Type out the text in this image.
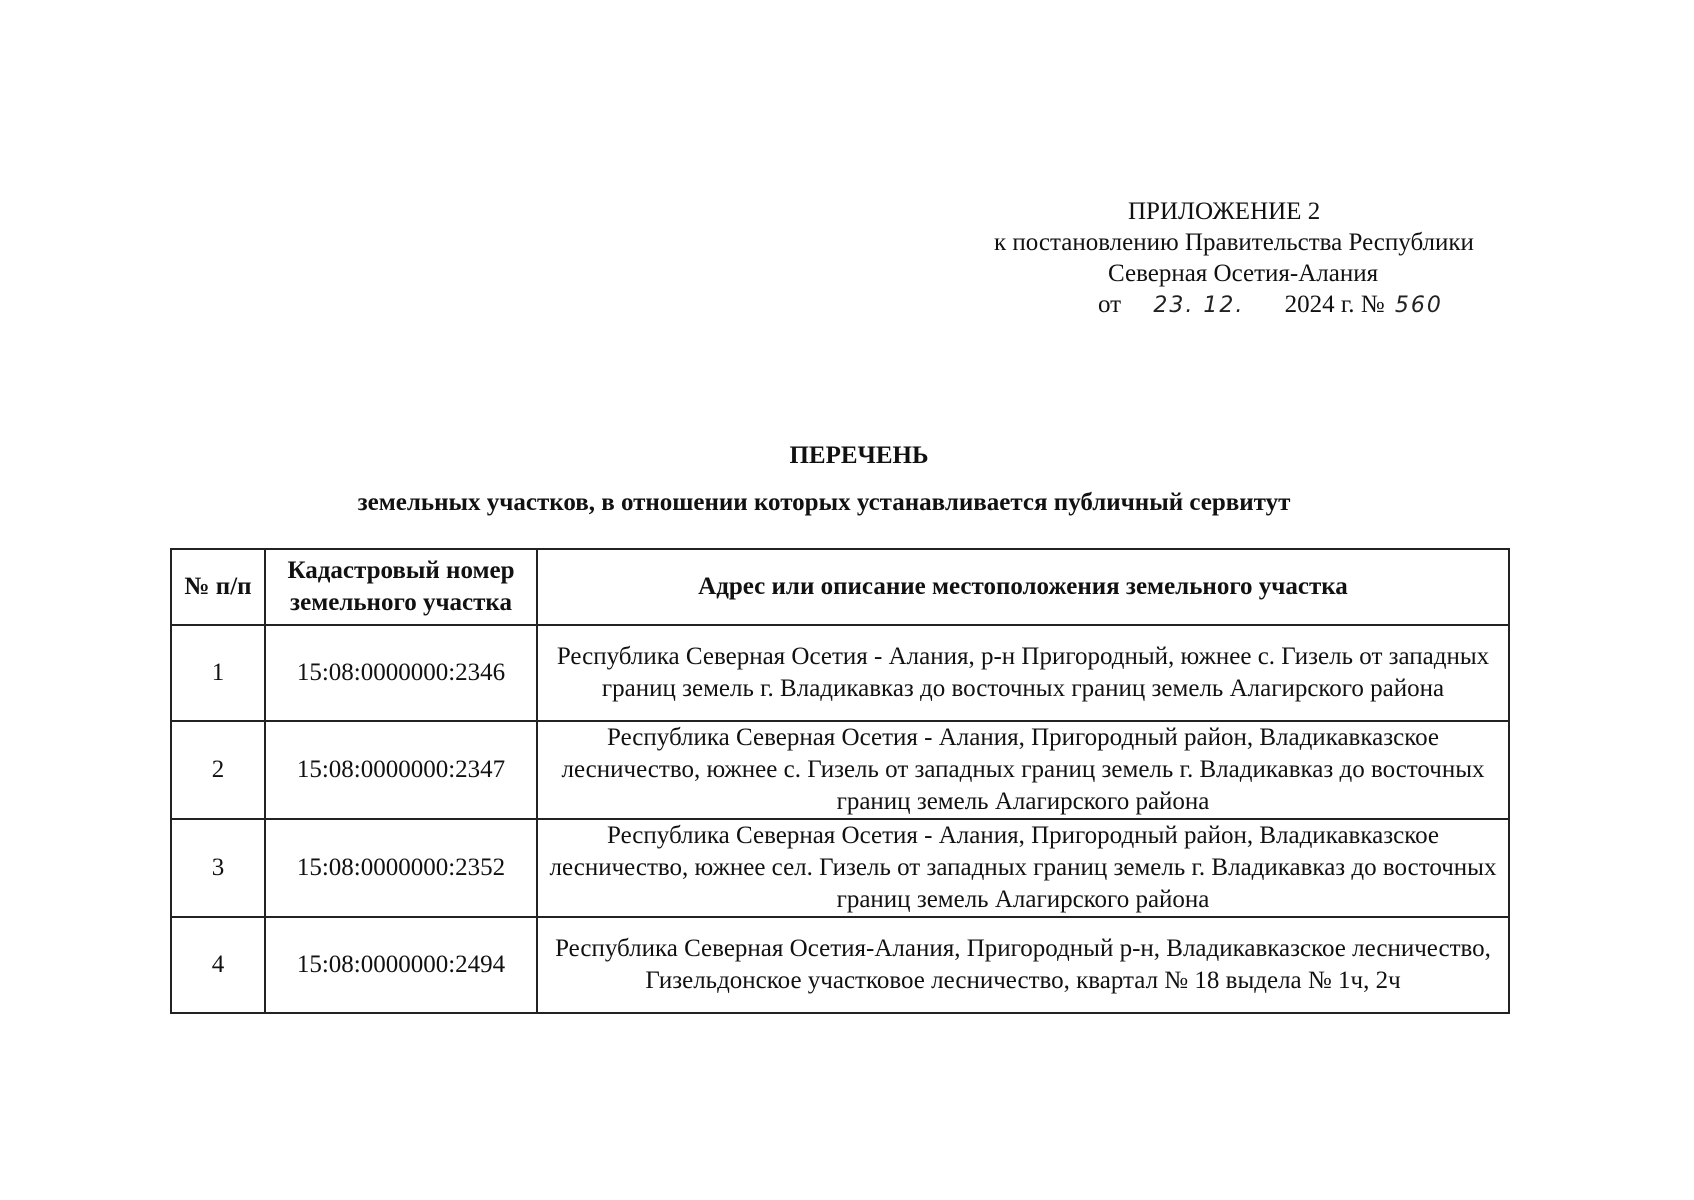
ПРИЛОЖЕНИЕ 2
к постановлению Правительства Республики
Северная Осетия-Алания
от 23. 12. 2024 г. № 560
ПЕРЕЧЕНЬ
земельных участков, в отношении которых устанавливается публичный сервитут
№ п/п	Кадастровый номер земельного участка	Адрес или описание местоположения земельного участка
1	15:08:0000000:2346	Республика Северная Осетия - Алания, р-н Пригородный, южнее с. Гизель от западных границ земель г. Владикавказ до восточных границ земель Алагирского района
2	15:08:0000000:2347	Республика Северная Осетия - Алания, Пригородный район, Владикавказское лесничество, южнее с. Гизель от западных границ земель г. Владикавказ до восточных границ земель Алагирского района
3	15:08:0000000:2352	Республика Северная Осетия - Алания, Пригородный район, Владикавказское лесничество, южнее сел. Гизель от западных границ земель г. Владикавказ до восточных границ земель Алагирского района
4	15:08:0000000:2494	Республика Северная Осетия-Алания, Пригородный р-н, Владикавказское лесничество, Гизельдонское участковое лесничество, квартал № 18 выдела № 1ч, 2ч
